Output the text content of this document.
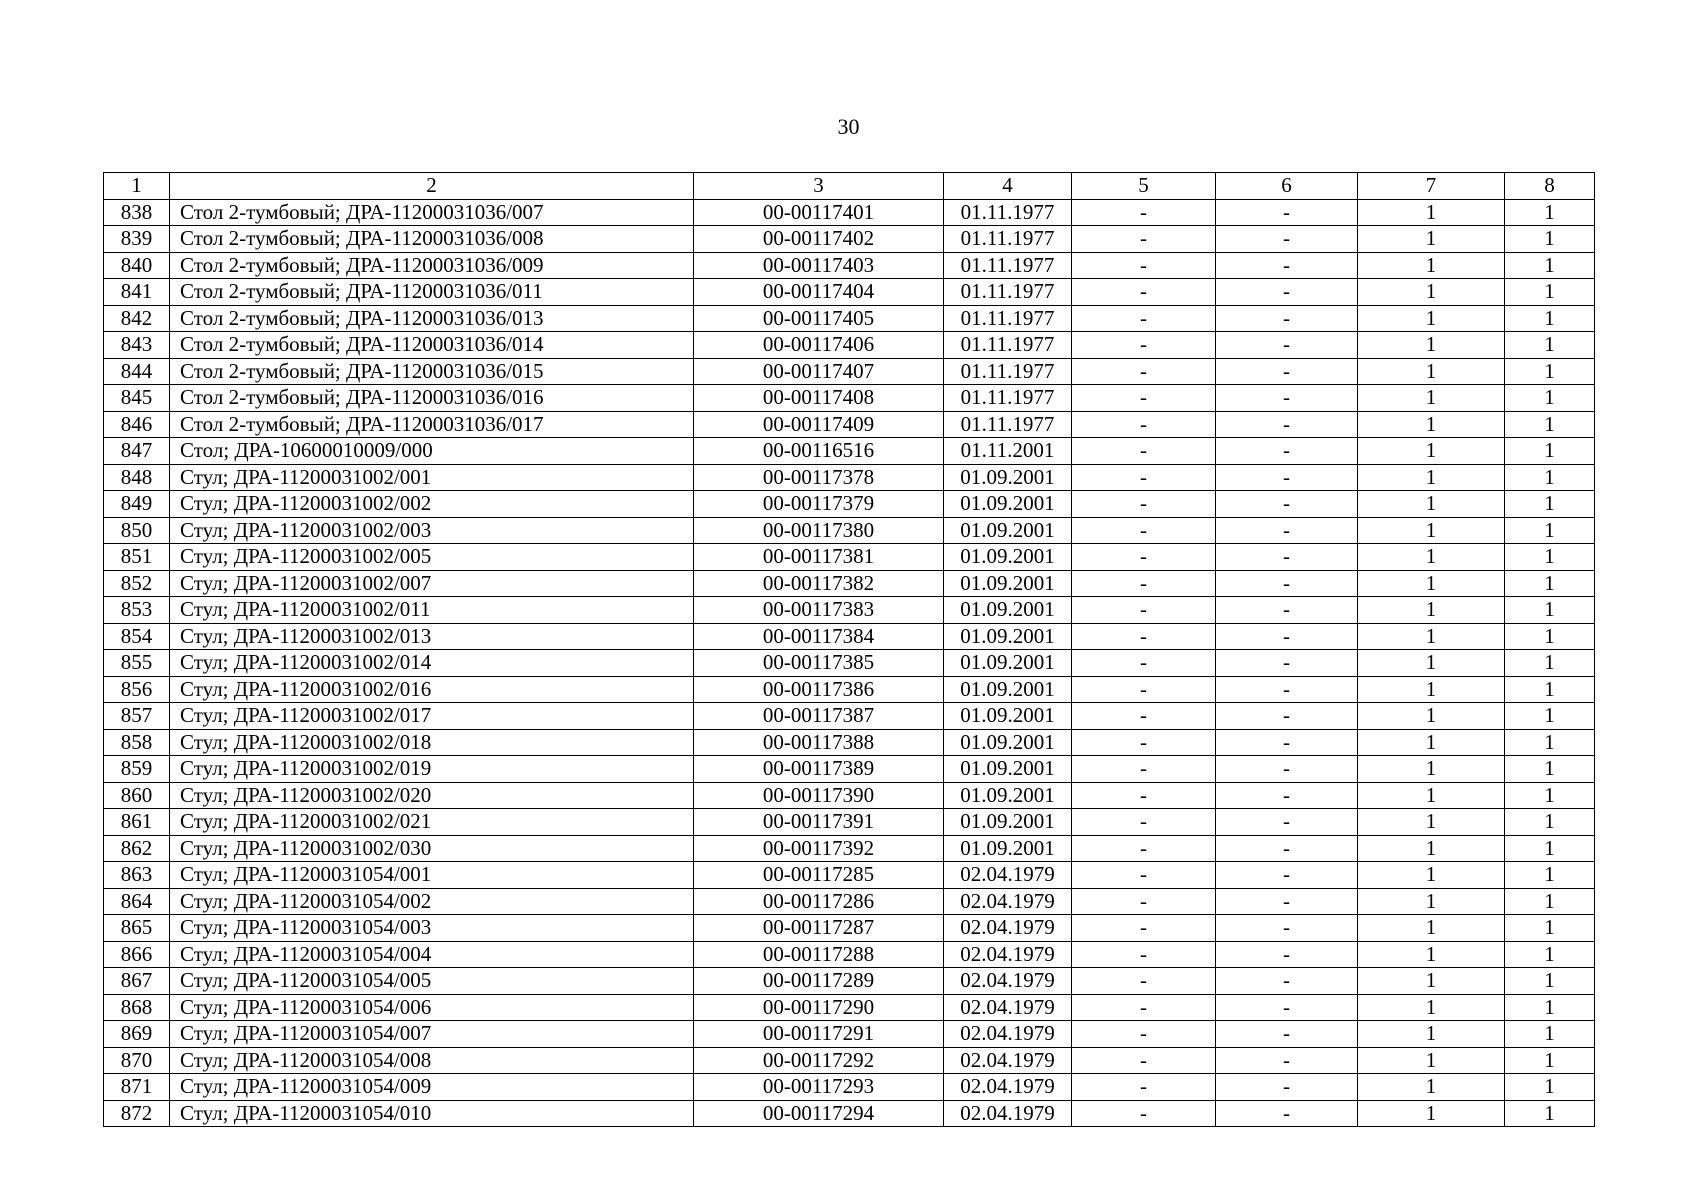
30
1	2	3	4	5	6	7	8
838	Стол 2-тумбовый; ДРА-11200031036/007	00-00117401	01.11.1977	-	-	1	1
839	Стол 2-тумбовый; ДРА-11200031036/008	00-00117402	01.11.1977	-	-	1	1
840	Стол 2-тумбовый; ДРА-11200031036/009	00-00117403	01.11.1977	-	-	1	1
841	Стол 2-тумбовый; ДРА-11200031036/011	00-00117404	01.11.1977	-	-	1	1
842	Стол 2-тумбовый; ДРА-11200031036/013	00-00117405	01.11.1977	-	-	1	1
843	Стол 2-тумбовый; ДРА-11200031036/014	00-00117406	01.11.1977	-	-	1	1
844	Стол 2-тумбовый; ДРА-11200031036/015	00-00117407	01.11.1977	-	-	1	1
845	Стол 2-тумбовый; ДРА-11200031036/016	00-00117408	01.11.1977	-	-	1	1
846	Стол 2-тумбовый; ДРА-11200031036/017	00-00117409	01.11.1977	-	-	1	1
847	Стол; ДРА-10600010009/000	00-00116516	01.11.2001	-	-	1	1
848	Стул; ДРА-11200031002/001	00-00117378	01.09.2001	-	-	1	1
849	Стул; ДРА-11200031002/002	00-00117379	01.09.2001	-	-	1	1
850	Стул; ДРА-11200031002/003	00-00117380	01.09.2001	-	-	1	1
851	Стул; ДРА-11200031002/005	00-00117381	01.09.2001	-	-	1	1
852	Стул; ДРА-11200031002/007	00-00117382	01.09.2001	-	-	1	1
853	Стул; ДРА-11200031002/011	00-00117383	01.09.2001	-	-	1	1
854	Стул; ДРА-11200031002/013	00-00117384	01.09.2001	-	-	1	1
855	Стул; ДРА-11200031002/014	00-00117385	01.09.2001	-	-	1	1
856	Стул; ДРА-11200031002/016	00-00117386	01.09.2001	-	-	1	1
857	Стул; ДРА-11200031002/017	00-00117387	01.09.2001	-	-	1	1
858	Стул; ДРА-11200031002/018	00-00117388	01.09.2001	-	-	1	1
859	Стул; ДРА-11200031002/019	00-00117389	01.09.2001	-	-	1	1
860	Стул; ДРА-11200031002/020	00-00117390	01.09.2001	-	-	1	1
861	Стул; ДРА-11200031002/021	00-00117391	01.09.2001	-	-	1	1
862	Стул; ДРА-11200031002/030	00-00117392	01.09.2001	-	-	1	1
863	Стул; ДРА-11200031054/001	00-00117285	02.04.1979	-	-	1	1
864	Стул; ДРА-11200031054/002	00-00117286	02.04.1979	-	-	1	1
865	Стул; ДРА-11200031054/003	00-00117287	02.04.1979	-	-	1	1
866	Стул; ДРА-11200031054/004	00-00117288	02.04.1979	-	-	1	1
867	Стул; ДРА-11200031054/005	00-00117289	02.04.1979	-	-	1	1
868	Стул; ДРА-11200031054/006	00-00117290	02.04.1979	-	-	1	1
869	Стул; ДРА-11200031054/007	00-00117291	02.04.1979	-	-	1	1
870	Стул; ДРА-11200031054/008	00-00117292	02.04.1979	-	-	1	1
871	Стул; ДРА-11200031054/009	00-00117293	02.04.1979	-	-	1	1
872	Стул; ДРА-11200031054/010	00-00117294	02.04.1979	-	-	1	1
